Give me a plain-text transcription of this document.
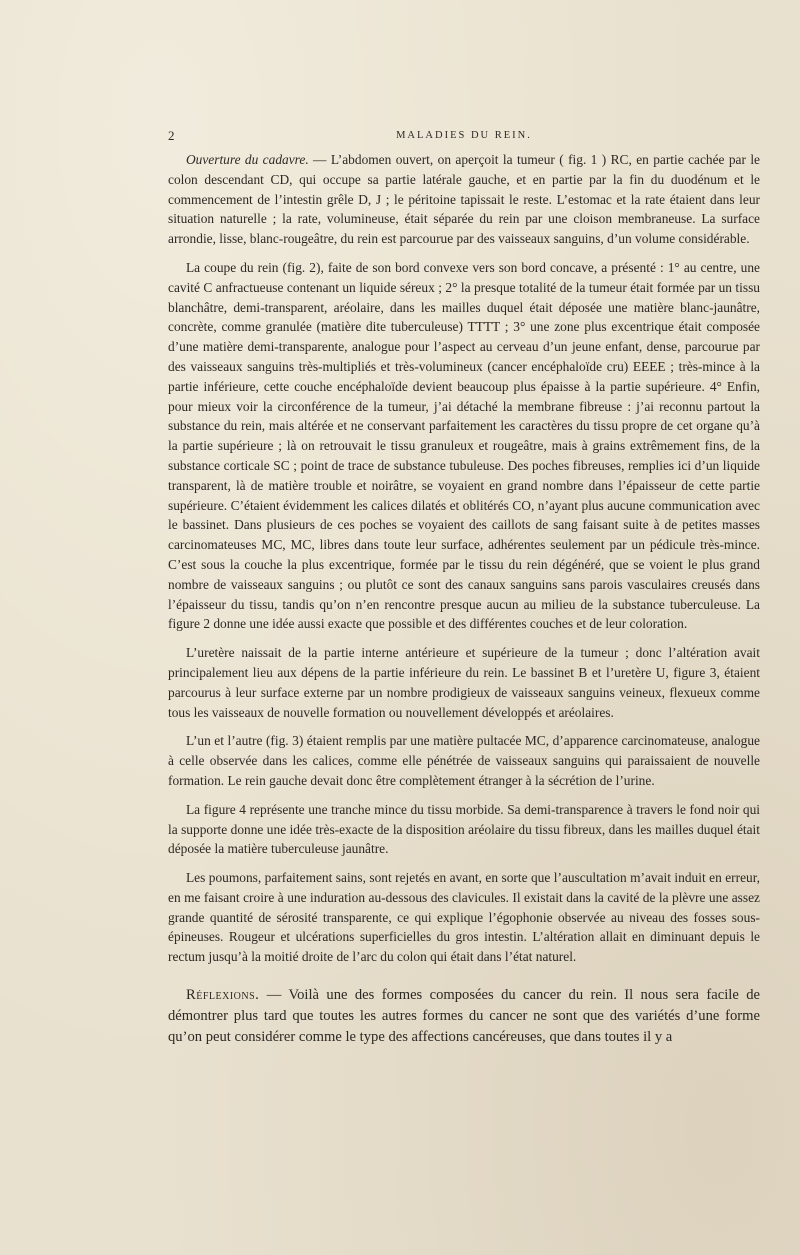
2	MALADIES DU REIN.

Ouverture du cadavre. — L’abdomen ouvert, on aperçoit la tumeur ( fig. 1 ) RC, en partie cachée par le colon descendant CD, qui occupe sa partie latérale gauche, et en partie par la fin du duodénum et le commencement de l’intestin grêle D, J ; le péritoine tapissait le reste. L’estomac et la rate étaient dans leur situation naturelle ; la rate, volumineuse, était séparée du rein par une cloison membraneuse. La surface arrondie, lisse, blanc-rougeâtre, du rein est parcourue par des vaisseaux sanguins, d’un volume considérable.

La coupe du rein (fig. 2), faite de son bord convexe vers son bord concave, a présenté : 1° au centre, une cavité C anfractueuse contenant un liquide séreux ; 2° la presque totalité de la tumeur était formée par un tissu blanchâtre, demi-transparent, aréolaire, dans les mailles duquel était déposée une matière blanc-jaunâtre, concrète, comme granulée (matière dite tuberculeuse) TTTT ; 3° une zone plus excentrique était composée d’une matière demi-transparente, analogue pour l’aspect au cerveau d’un jeune enfant, dense, parcourue par des vaisseaux sanguins très-multipliés et très-volumineux (cancer encéphaloïde cru) EEEE ; très-mince à la partie inférieure, cette couche encéphaloïde devient beaucoup plus épaisse à la partie supérieure. 4° Enfin, pour mieux voir la circonférence de la tumeur, j’ai détaché la membrane fibreuse : j’ai reconnu partout la substance du rein, mais altérée et ne conservant parfaitement les caractères du tissu propre de cet organe qu’à la partie supérieure ; là on retrouvait le tissu granuleux et rougeâtre, mais à grains extrêmement fins, de la substance corticale SC ; point de trace de substance tubuleuse. Des poches fibreuses, remplies ici d’un liquide transparent, là de matière trouble et noirâtre, se voyaient en grand nombre dans l’épaisseur de cette partie supérieure. C’étaient évidemment les calices dilatés et oblitérés CO, n’ayant plus aucune communication avec le bassinet. Dans plusieurs de ces poches se voyaient des caillots de sang faisant suite à de petites masses carcinomateuses MC, MC, libres dans toute leur surface, adhérentes seulement par un pédicule très-mince. C’est sous la couche la plus excentrique, formée par le tissu du rein dégénéré, que se voient le plus grand nombre de vaisseaux sanguins ; ou plutôt ce sont des canaux sanguins sans parois vasculaires creusés dans l’épaisseur du tissu, tandis qu’on n’en rencontre presque aucun au milieu de la substance tuberculeuse. La figure 2 donne une idée aussi exacte que possible et des différentes couches et de leur coloration.

L’uretère naissait de la partie interne antérieure et supérieure de la tumeur ; donc l’altération avait principalement lieu aux dépens de la partie inférieure du rein. Le bassinet B et l’uretère U, figure 3, étaient parcourus à leur surface externe par un nombre prodigieux de vaisseaux sanguins veineux, flexueux comme tous les vaisseaux de nouvelle formation ou nouvellement développés et aréolaires.

L’un et l’autre (fig. 3) étaient remplis par une matière pultacée MC, d’apparence carcinomateuse, analogue à celle observée dans les calices, comme elle pénétrée de vaisseaux sanguins qui paraissaient de nouvelle formation. Le rein gauche devait donc être complètement étranger à la sécrétion de l’urine.

La figure 4 représente une tranche mince du tissu morbide. Sa demi-transparence à travers le fond noir qui la supporte donne une idée très-exacte de la disposition aréolaire du tissu fibreux, dans les mailles duquel était déposée la matière tuberculeuse jaunâtre.

Les poumons, parfaitement sains, sont rejetés en avant, en sorte que l’auscultation m’avait induit en erreur, en me faisant croire à une induration au-dessous des clavicules. Il existait dans la cavité de la plèvre une assez grande quantité de sérosité transparente, ce qui explique l’égophonie observée au niveau des fosses sous-épineuses. Rougeur et ulcérations superficielles du gros intestin. L’altération allait en diminuant depuis le rectum jusqu’à la moitié droite de l’arc du colon qui était dans l’état naturel.

Réflexions. — Voilà une des formes composées du cancer du rein. Il nous sera facile de démontrer plus tard que toutes les autres formes du cancer ne sont que des variétés d’une forme qu’on peut considérer comme le type des affections cancéreuses, que dans toutes il y a
